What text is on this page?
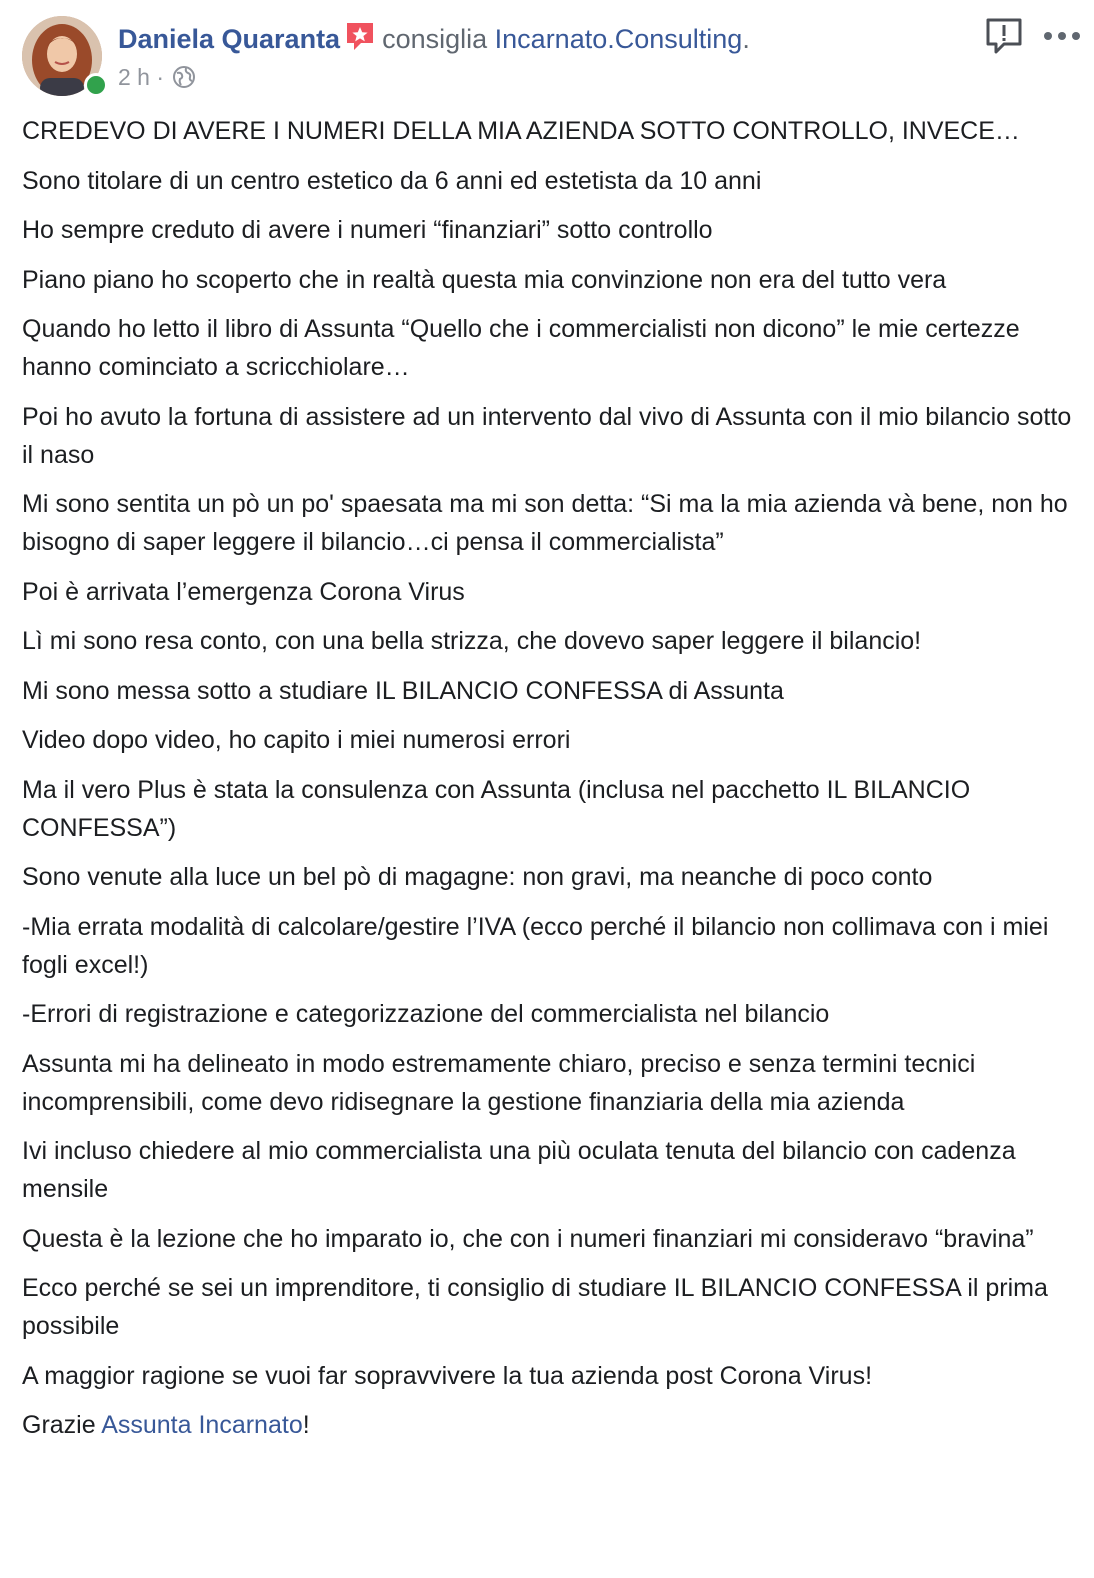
Daniela Quaranta consiglia Incarnato.Consulting.
2 h ·

CREDEVO DI AVERE I NUMERI DELLA MIA AZIENDA SOTTO CONTROLLO, INVECE…

Sono titolare di un centro estetico da 6 anni ed estetista da 10 anni

Ho sempre creduto di avere i numeri “finanziari” sotto controllo

Piano piano ho scoperto che in realtà questa mia convinzione non era del tutto vera

Quando ho letto il libro di Assunta “Quello che i commercialisti non dicono” le mie certezze hanno cominciato a scricchiolare…

Poi ho avuto la fortuna di assistere ad un intervento dal vivo di Assunta con il mio bilancio sotto il naso

Mi sono sentita un pò un po' spaesata ma mi son detta: “Si ma la mia azienda và bene, non ho bisogno di saper leggere il bilancio…ci pensa il commercialista”

Poi è arrivata l’emergenza Corona Virus

Lì mi sono resa conto, con una bella strizza, che dovevo saper leggere il bilancio!

Mi sono messa sotto a studiare IL BILANCIO CONFESSA di Assunta

Video dopo video, ho capito i miei numerosi errori

Ma il vero Plus è stata la consulenza con Assunta (inclusa nel pacchetto IL BILANCIO CONFESSA”)

Sono venute alla luce un bel pò di magagne: non gravi, ma neanche di poco conto

-Mia errata modalità di calcolare/gestire l’IVA (ecco perché il bilancio non collimava con i miei fogli excel!)

-Errori di registrazione e categorizzazione del commercialista nel bilancio

Assunta mi ha delineato in modo estremamente chiaro, preciso e senza termini tecnici incomprensibili, come devo ridisegnare la gestione finanziaria della mia azienda

Ivi incluso chiedere al mio commercialista una più oculata tenuta del bilancio con cadenza mensile

Questa è la lezione che ho imparato io, che con i numeri finanziari mi consideravo “bravina”

Ecco perché se sei un imprenditore, ti consiglio di studiare IL BILANCIO CONFESSA il prima possibile

A maggior ragione se vuoi far sopravvivere la tua azienda post Corona Virus!

Grazie Assunta Incarnato!
